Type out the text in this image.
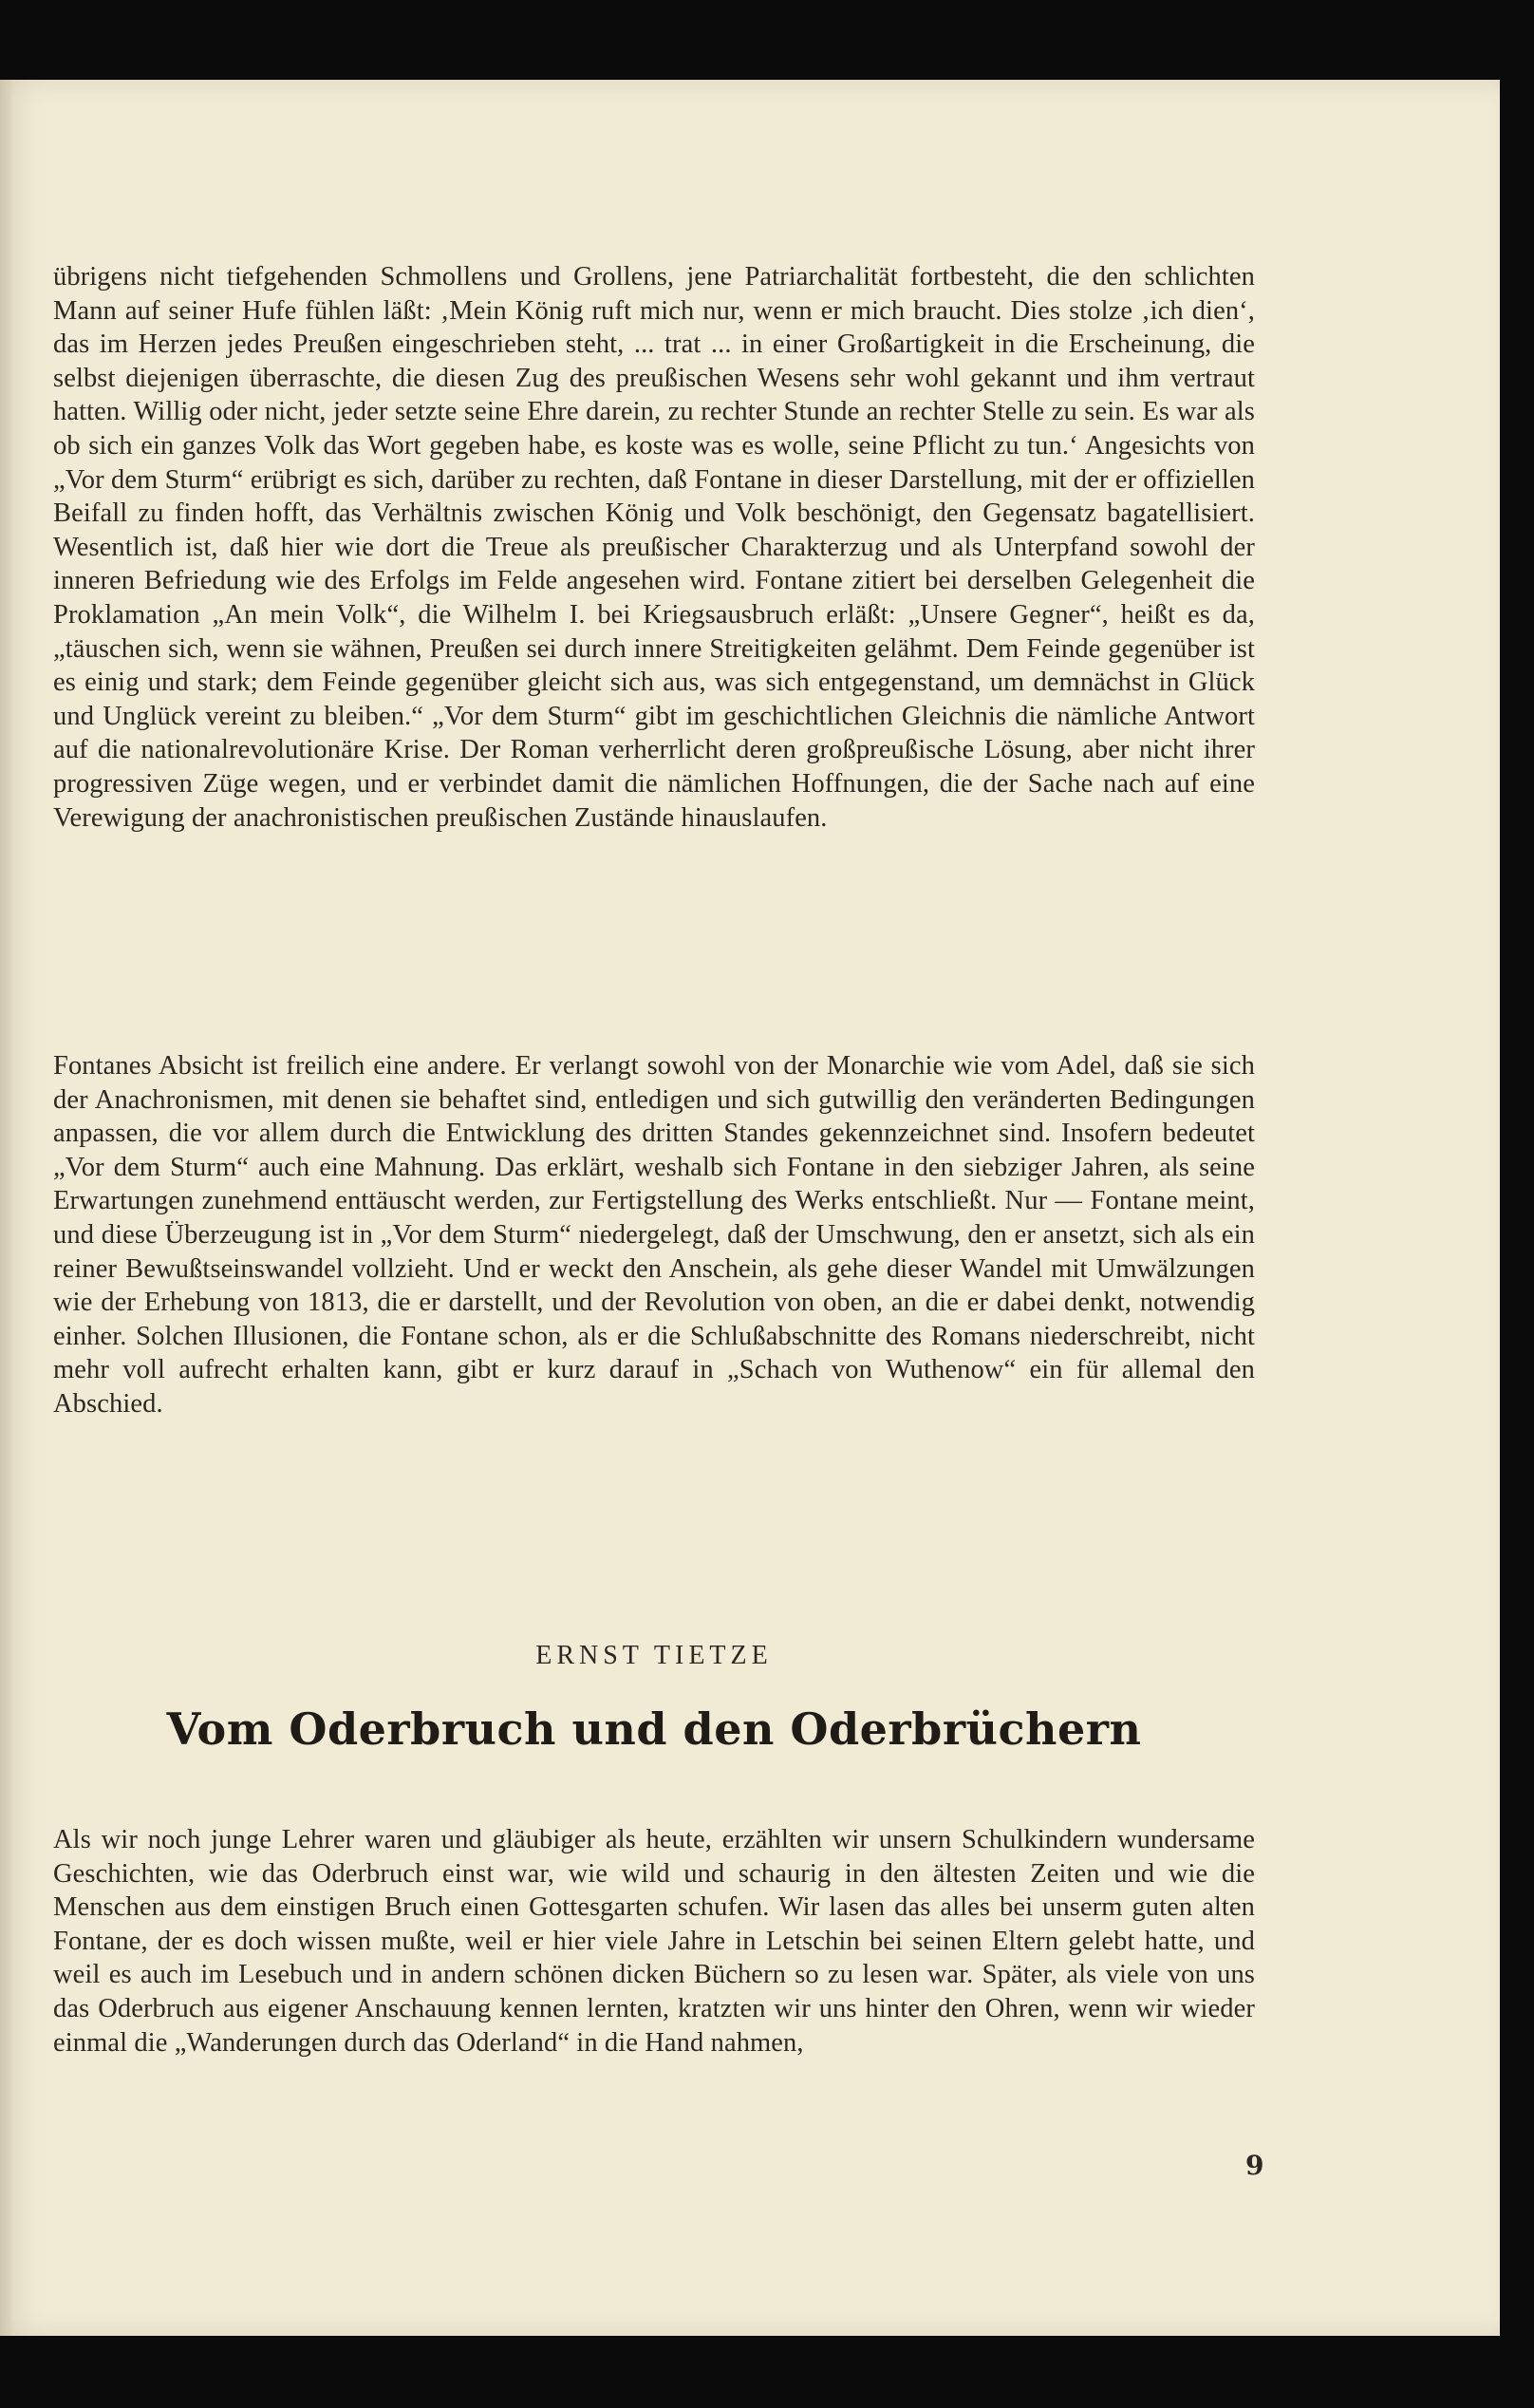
übrigens nicht tiefgehenden Schmollens und Grollens, jene Patriarchalität fortbesteht, die den schlichten Mann auf seiner Hufe fühlen läßt: ‚Mein König ruft mich nur, wenn er mich braucht. Dies stolze ‚ich dien‘, das im Herzen jedes Preußen eingeschrieben steht, ... trat ... in einer Großartigkeit in die Erscheinung, die selbst diejenigen überraschte, die diesen Zug des preußischen Wesens sehr wohl gekannt und ihm vertraut hatten. Willig oder nicht, jeder setzte seine Ehre darein, zu rechter Stunde an rechter Stelle zu sein. Es war als ob sich ein ganzes Volk das Wort gegeben habe, es koste was es wolle, seine Pflicht zu tun.‘ Angesichts von „Vor dem Sturm“ erübrigt es sich, darüber zu rechten, daß Fontane in dieser Darstellung, mit der er offiziellen Beifall zu finden hofft, das Verhältnis zwischen König und Volk beschönigt, den Gegensatz bagatellisiert. Wesentlich ist, daß hier wie dort die Treue als preußischer Charakterzug und als Unterpfand sowohl der inneren Befriedung wie des Erfolgs im Felde angesehen wird. Fontane zitiert bei derselben Gelegenheit die Proklamation „An mein Volk“, die Wilhelm I. bei Kriegsausbruch erläßt: „Unsere Gegner“, heißt es da, „täuschen sich, wenn sie wähnen, Preußen sei durch innere Streitigkeiten gelähmt. Dem Feinde gegenüber ist es einig und stark; dem Feinde gegenüber gleicht sich aus, was sich entgegenstand, um demnächst in Glück und Unglück vereint zu bleiben.“ „Vor dem Sturm“ gibt im geschichtlichen Gleichnis die nämliche Antwort auf die nationalrevolutionäre Krise. Der Roman verherrlicht deren großpreußische Lösung, aber nicht ihrer progressiven Züge wegen, und er verbindet damit die nämlichen Hoffnungen, die der Sache nach auf eine Verewigung der anachronistischen preußischen Zustände hinauslaufen.

Fontanes Absicht ist freilich eine andere. Er verlangt sowohl von der Monarchie wie vom Adel, daß sie sich der Anachronismen, mit denen sie behaftet sind, entledigen und sich gutwillig den veränderten Bedingungen anpassen, die vor allem durch die Entwicklung des dritten Standes gekennzeichnet sind. Insofern bedeutet „Vor dem Sturm“ auch eine Mahnung. Das erklärt, weshalb sich Fontane in den siebziger Jahren, als seine Erwartungen zunehmend enttäuscht werden, zur Fertigstellung des Werks entschließt. Nur — Fontane meint, und diese Überzeugung ist in „Vor dem Sturm“ niedergelegt, daß der Umschwung, den er ansetzt, sich als ein reiner Bewußtseinswandel vollzieht. Und er weckt den Anschein, als gehe dieser Wandel mit Umwälzungen wie der Erhebung von 1813, die er darstellt, und der Revolution von oben, an die er dabei denkt, notwendig einher. Solchen Illusionen, die Fontane schon, als er die Schlußabschnitte des Romans niederschreibt, nicht mehr voll aufrecht erhalten kann, gibt er kurz darauf in „Schach von Wuthenow“ ein für allemal den Abschied.

ERNST TIETZE
Vom Oderbruch und den Oderbrüchern

Als wir noch junge Lehrer waren und gläubiger als heute, erzählten wir unsern Schulkindern wundersame Geschichten, wie das Oderbruch einst war, wie wild und schaurig in den ältesten Zeiten und wie die Menschen aus dem einstigen Bruch einen Gottesgarten schufen. Wir lasen das alles bei unserm guten alten Fontane, der es doch wissen mußte, weil er hier viele Jahre in Letschin bei seinen Eltern gelebt hatte, und weil es auch im Lesebuch und in andern schönen dicken Büchern so zu lesen war. Später, als viele von uns das Oderbruch aus eigener Anschauung kennen lernten, kratzten wir uns hinter den Ohren, wenn wir wieder einmal die „Wanderungen durch das Oderland“ in die Hand nahmen,

9
